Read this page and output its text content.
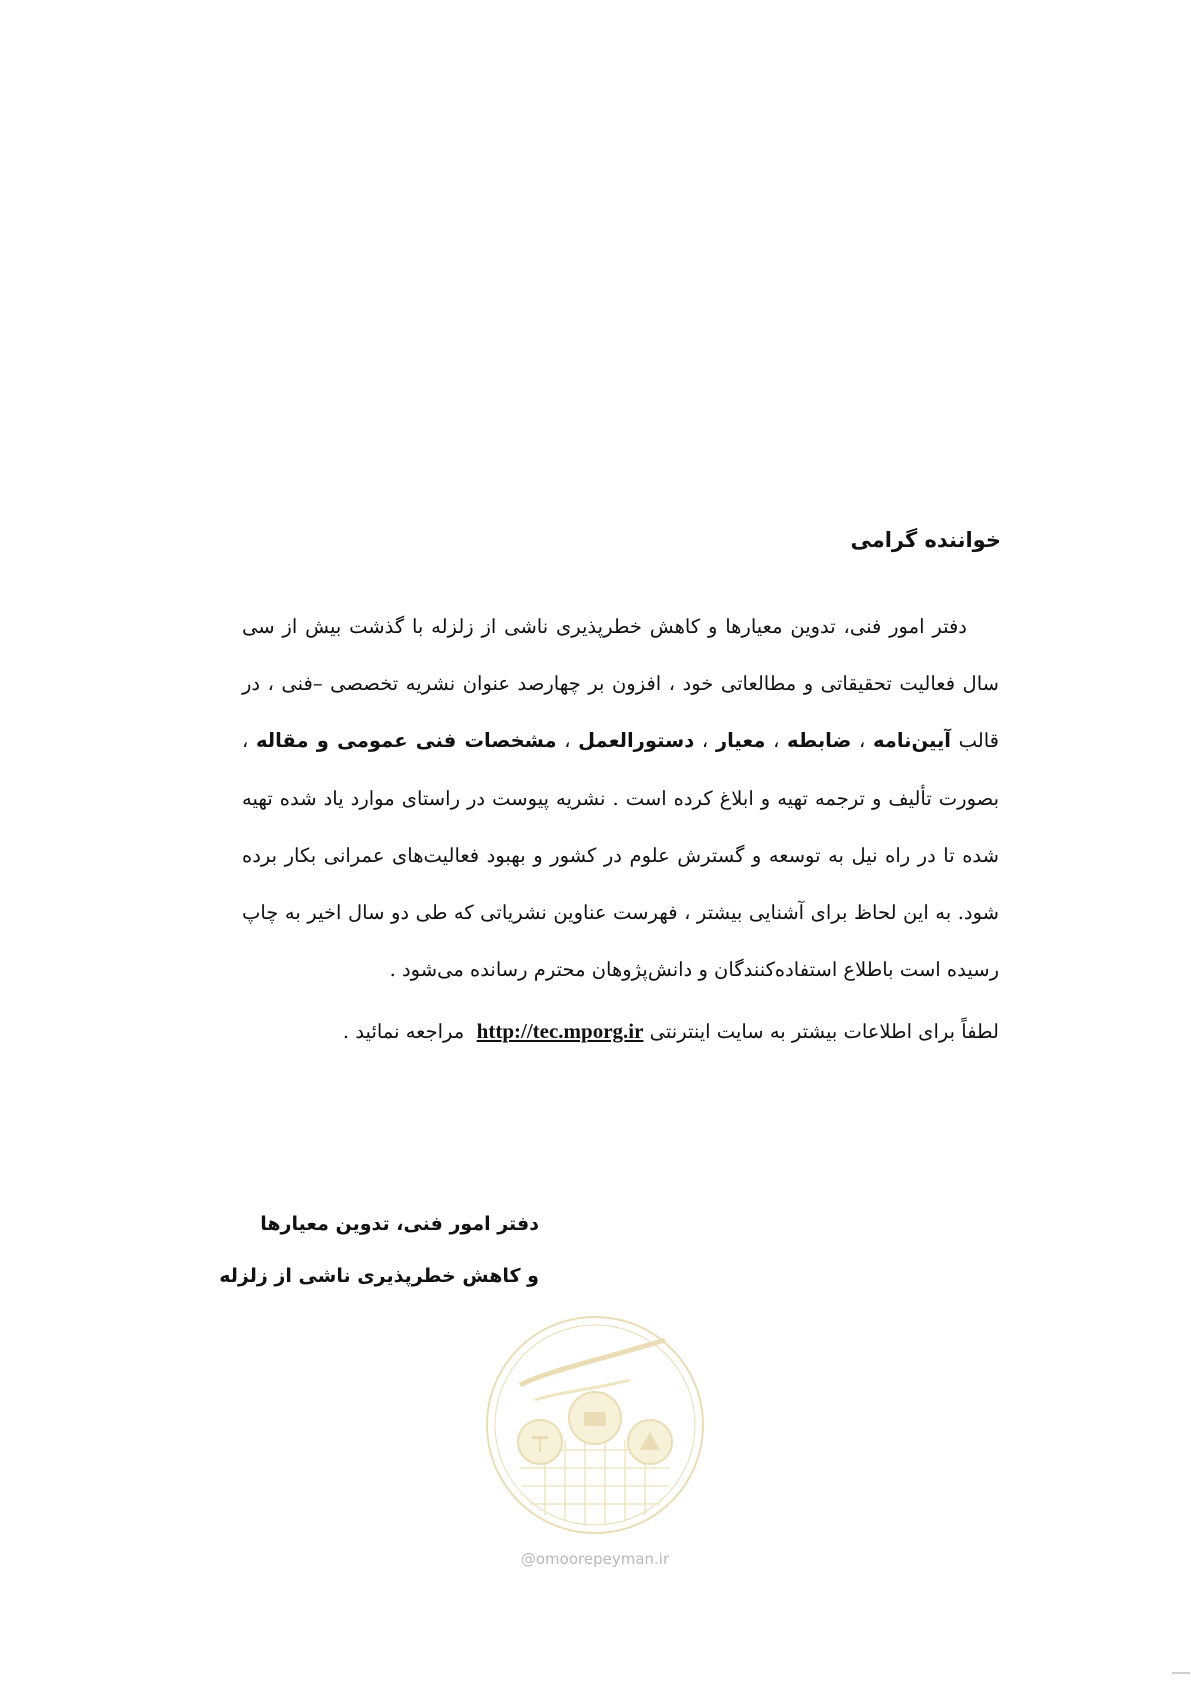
خواننده گرامی

دفتر امور فنی، تدوین معیارها و کاهش خطرپذیری ناشی از زلزله با گذشت بیش از سی سال فعالیت تحقیقاتی و مطالعاتی خود ، افزون بر چهارصد عنوان نشریه تخصصی –فنی ، در قالب آیین‌نامه ، ضابطه ، معیار ، دستورالعمل ، مشخصات فنی عمومی و مقاله ، بصورت تألیف و ترجمه تهیه و ابلاغ کرده است . نشریه پیوست در راستای موارد یاد شده تهیه شده تا در راه نیل به توسعه و گسترش علوم در کشور و بهبود فعالیت‌های عمرانی بکار برده شود. به این لحاظ برای آشنایی بیشتر ، فهرست عناوین نشریاتی که طی دو سال اخیر به چاپ رسیده است باطلاع استفاده‌کنندگان و دانش‌پژوهان محترم رسانده می‌شود .

لطفاً برای اطلاعات بیشتر به سایت اینترنتی http://tec.mporg.ir  مراجعه نمائید .

دفتر امور فنی، تدوین معیارها
و کاهش خطرپذیری ناشی از زلزله
@omoorepeyman.ir
